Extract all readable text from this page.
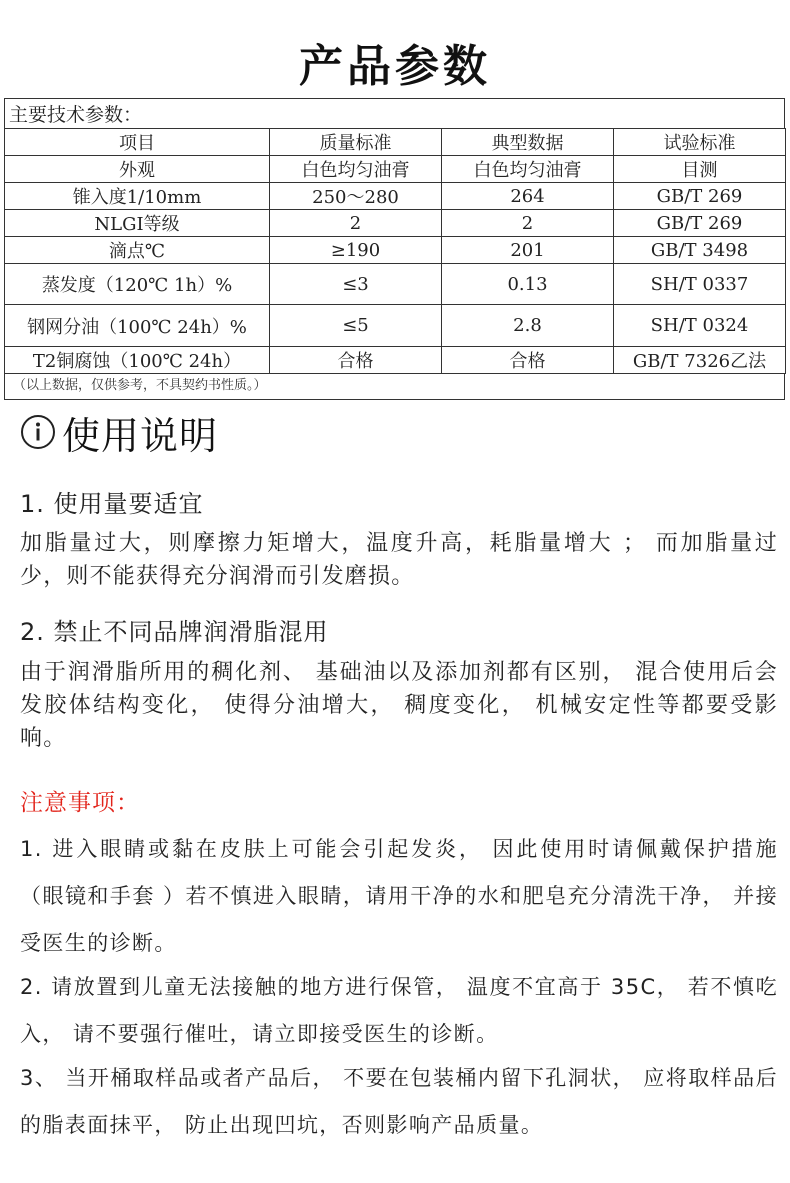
产品参数
主要技术参数：
项目	质量标准	典型数据	试验标准
外观	白色均匀油膏	白色均匀油膏	目测
锥入度1/10mm	250～280	264	GB/T 269
NLGI等级	2	2	GB/T 269
滴点℃	≥190	201	GB/T 3498
蒸发度（120℃ 1h）%	≤3	0.13	SH/T 0337
钢网分油（100℃ 24h）%	≤5	2.8	SH/T 0324
T2铜腐蚀（100℃ 24h）	合格	合格	GB/T 7326乙法
（以上数据，仅供参考，不具契约书性质。）
使用说明
1. 使用量要适宜
加脂量过大，则摩擦力矩增大，温度升高，耗脂量增大 ； 而加脂量过少，则不能获得充分润滑而引发磨损。
2. 禁止不同品牌润滑脂混用
由于润滑脂所用的稠化剂、 基础油以及添加剂都有区别， 混合使用后会发胶体结构变化， 使得分油增大， 稠度变化， 机械安定性等都要受影响。
注意事项：
1. 进入眼睛或黏在皮肤上可能会引起发炎， 因此使用时请佩戴保护措施 （眼镜和手套 ）若不慎进入眼睛，请用干净的水和肥皂充分清洗干净， 并接受医生的诊断。
2. 请放置到儿童无法接触的地方进行保管， 温度不宜高于 35C， 若不慎吃入， 请不要强行催吐，请立即接受医生的诊断。
3、 当开桶取样品或者产品后， 不要在包装桶内留下孔洞状， 应将取样品后的脂表面抹平， 防止出现凹坑，否则影响产品质量。
